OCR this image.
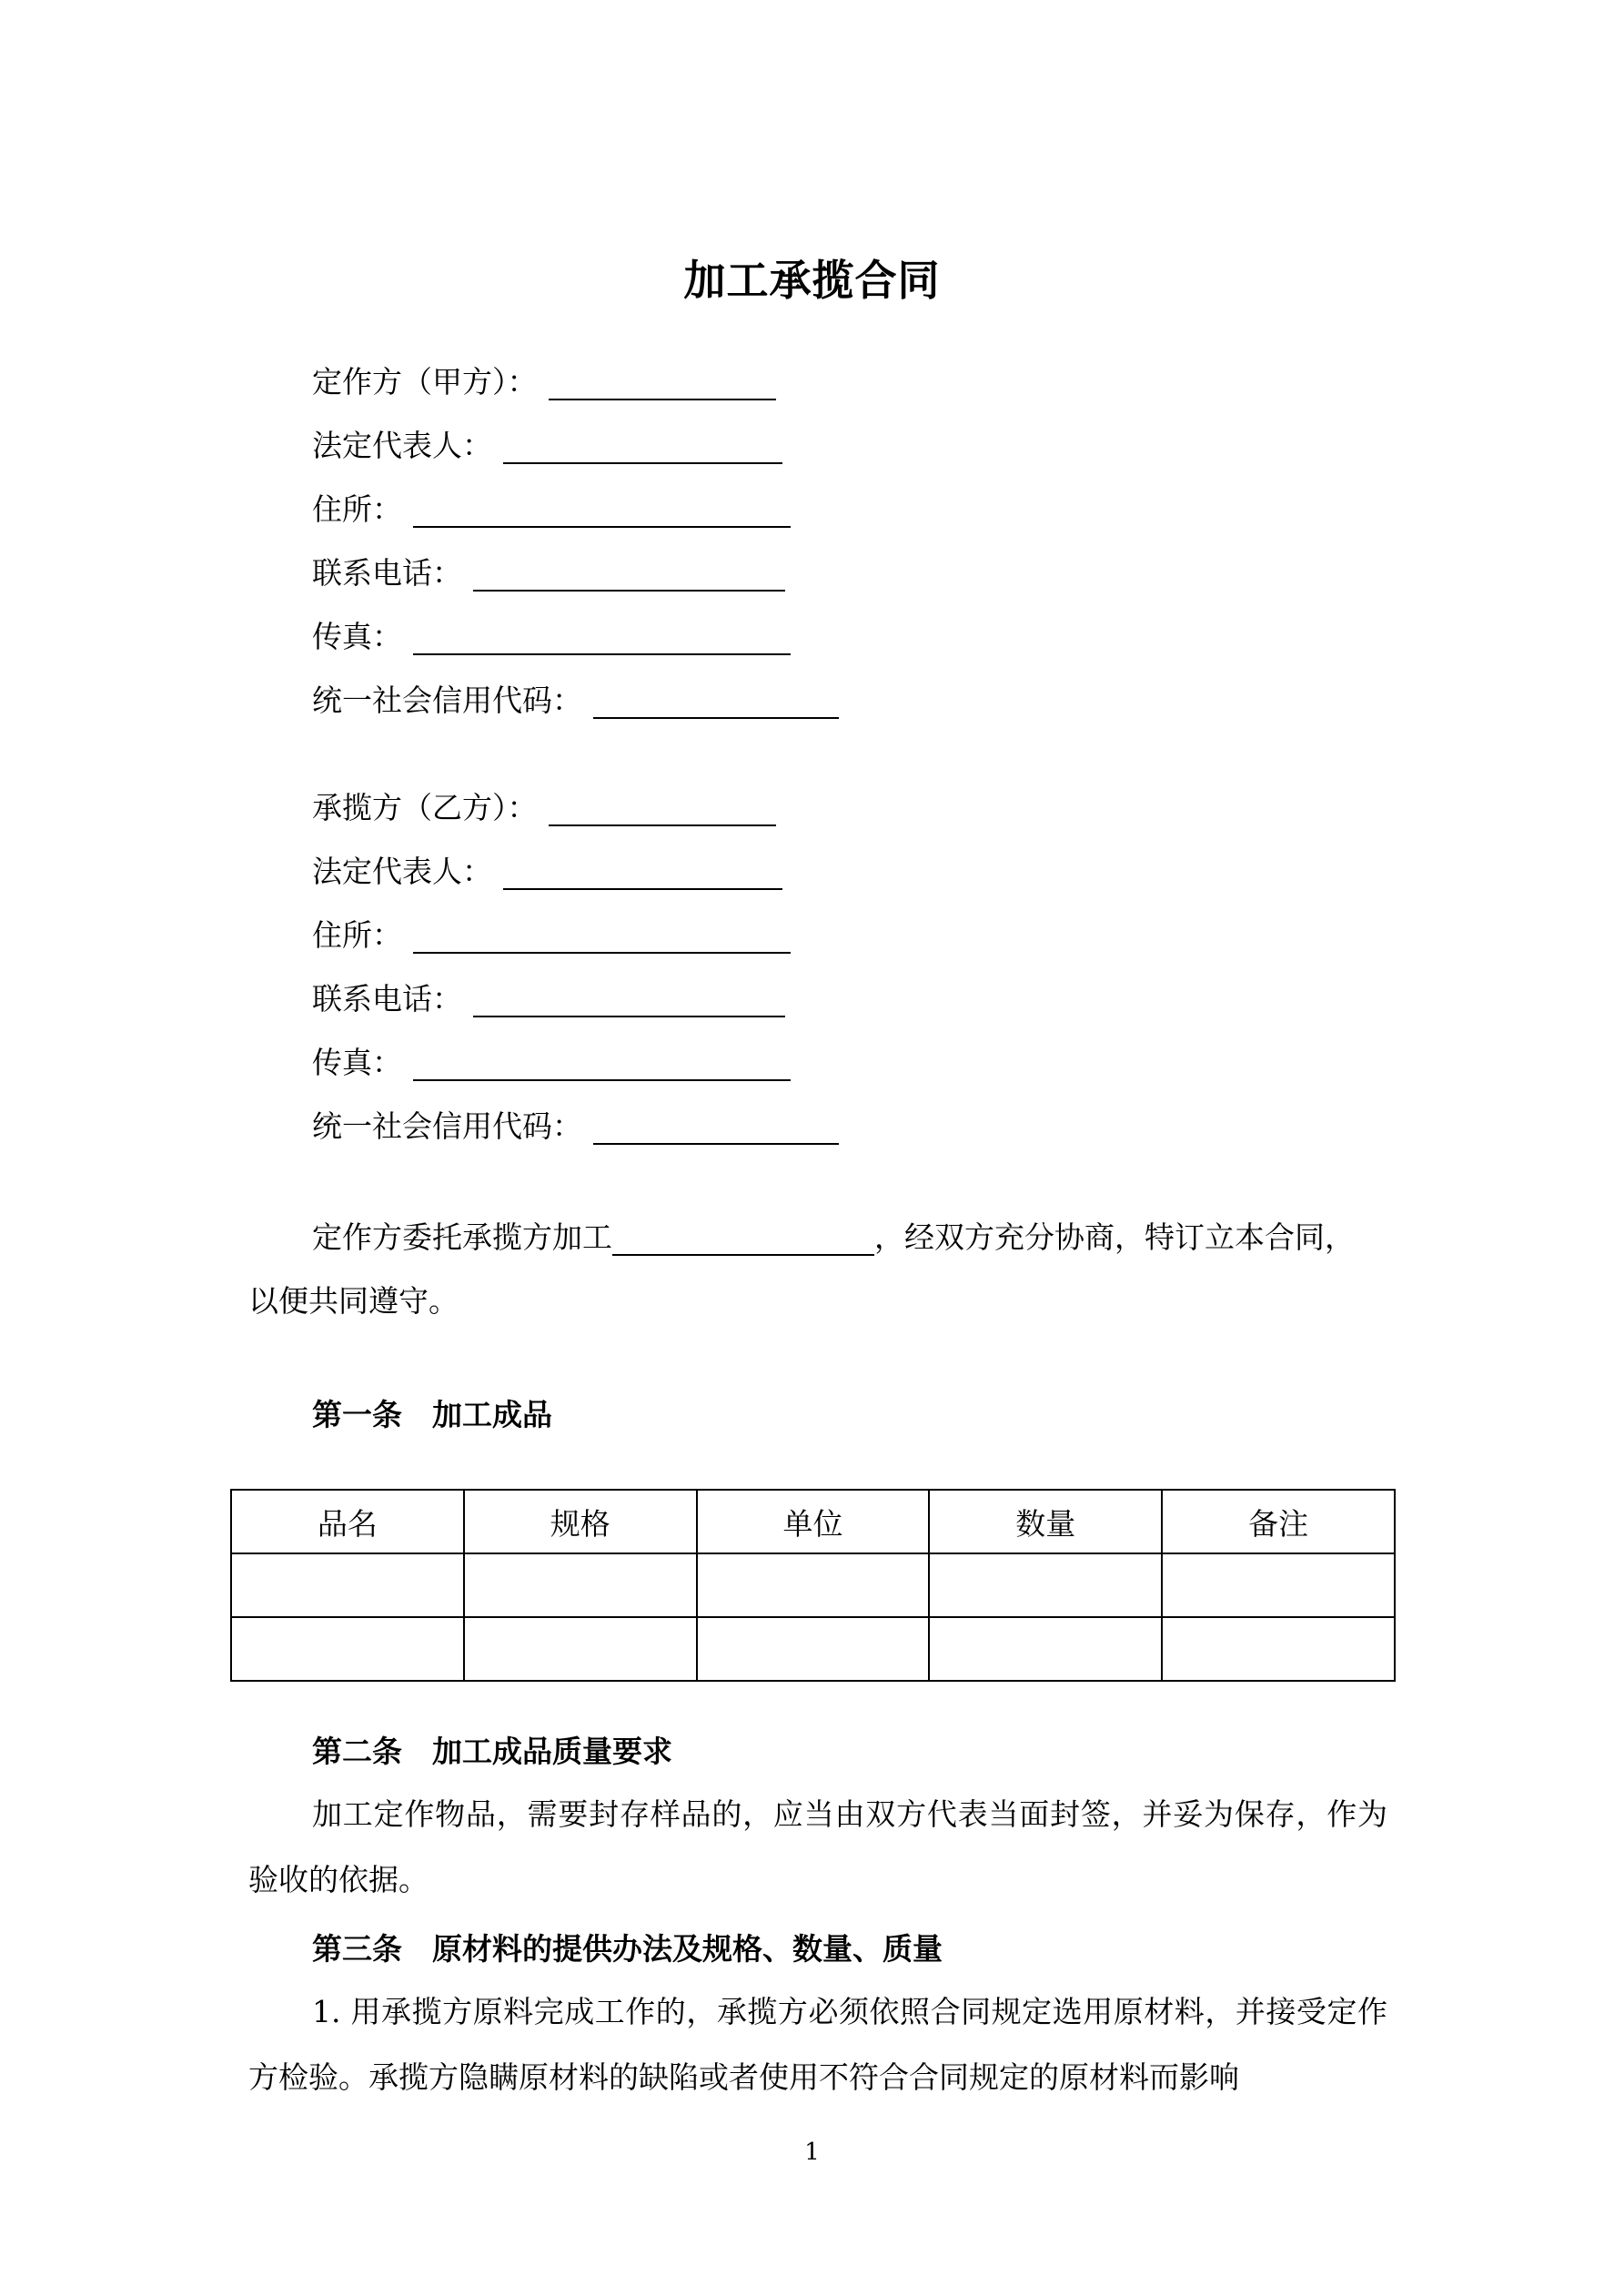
加工承揽合同
定作方（甲方）：
法定代表人：
住所：
联系电话：
传真：
统一社会信用代码：
承揽方（乙方）：
法定代表人：
住所：
联系电话：
传真：
统一社会信用代码：
定作方委托承揽方加工	，经双方充分协商，特订立本合同，
以便共同遵守。
第一条　加工成品
品名	规格	单位	数量	备注

第二条　加工成品质量要求
加工定作物品，需要封存样品的，应当由双方代表当面封签，并妥为保存，作为验收的依据。
第三条　原材料的提供办法及规格、数量、质量
1. 用承揽方原料完成工作的，承揽方必须依照合同规定选用原材料，并接受定作方检验。承揽方隐瞒原材料的缺陷或者使用不符合合同规定的原材料而影响
1
